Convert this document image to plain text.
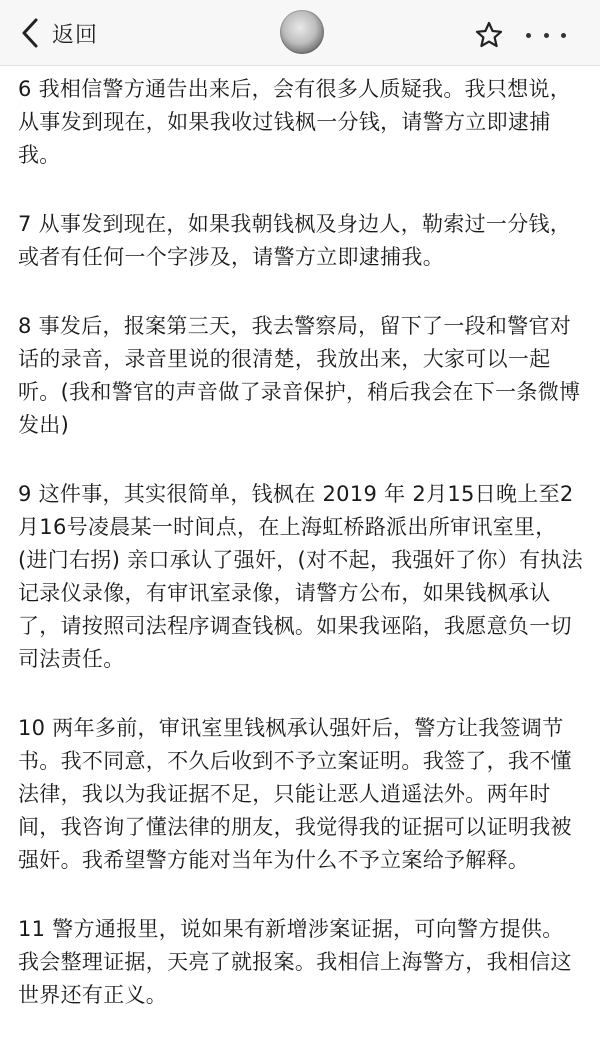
返回

6 我相信警方通告出来后，会有很多人质疑我。我只想说，从事发到现在，如果我收过钱枫一分钱，请警方立即逮捕我。

7 从事发到现在，如果我朝钱枫及身边人，勒索过一分钱，或者有任何一个字涉及，请警方立即逮捕我。

8 事发后，报案第三天，我去警察局，留下了一段和警官对话的录音，录音里说的很清楚，我放出来，大家可以一起听。(我和警官的声音做了录音保护，稍后我会在下一条微博发出)

9 这件事，其实很简单，钱枫在 2019 年 2月15日晚上至2月16号凌晨某一时间点，在上海虹桥路派出所审讯室里，(进门右拐) 亲口承认了强奸，(对不起，我强奸了你）有执法记录仪录像，有审讯室录像，请警方公布，如果钱枫承认了，请按照司法程序调查钱枫。如果我诬陷，我愿意负一切司法责任。

10 两年多前，审讯室里钱枫承认强奸后，警方让我签调节书。我不同意，不久后收到不予立案证明。我签了，我不懂法律，我以为我证据不足，只能让恶人逍遥法外。两年时间，我咨询了懂法律的朋友，我觉得我的证据可以证明我被强奸。我希望警方能对当年为什么不予立案给予解释。

11 警方通报里，说如果有新增涉案证据，可向警方提供。我会整理证据，天亮了就报案。我相信上海警方，我相信这世界还有正义。
